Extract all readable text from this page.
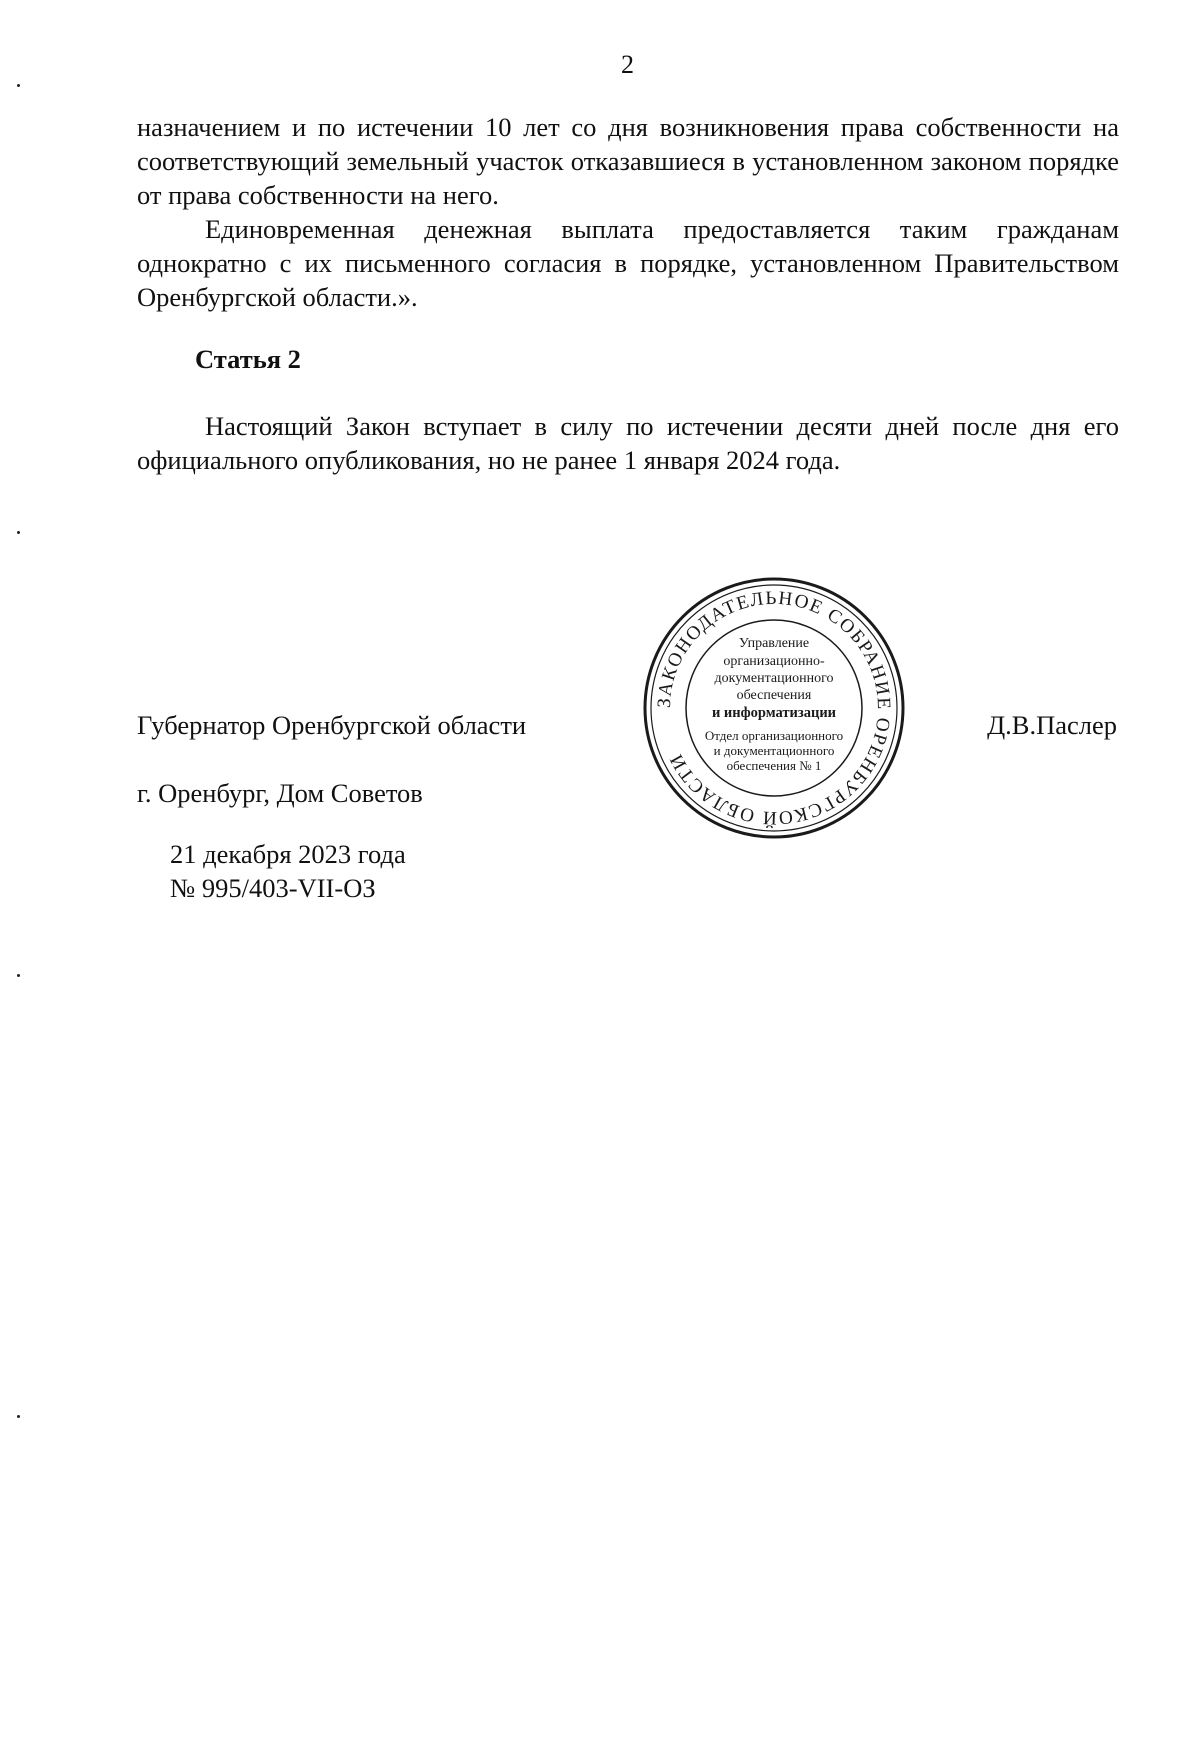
2

назначением и по истечении 10 лет со дня возникновения права собственности на соответствующий земельный участок отказавшиеся в установленном законом порядке от права собственности на него.

Единовременная денежная выплата предоставляется таким гражданам однократно с их письменного согласия в порядке, установленном Правительством Оренбургской области.».

Статья 2

Настоящий Закон вступает в силу по истечении десяти дней после дня его официального опубликования, но не ранее 1 января 2024 года.

Губернатор Оренбургской области	Д.В.Паслер
г. Оренбург, Дом Советов
21 декабря 2023 года
№ 995/403-VII-ОЗ
ЗАКОНОДАТЕЛЬНОЕ СОБРАНИЕ ОРЕНБУРГСКОЙ ОБЛАСТИ
Управление
организационно-
документационного
обеспечения
и информатизации
Отдел организационного
и документационного
обеспечения № 1
